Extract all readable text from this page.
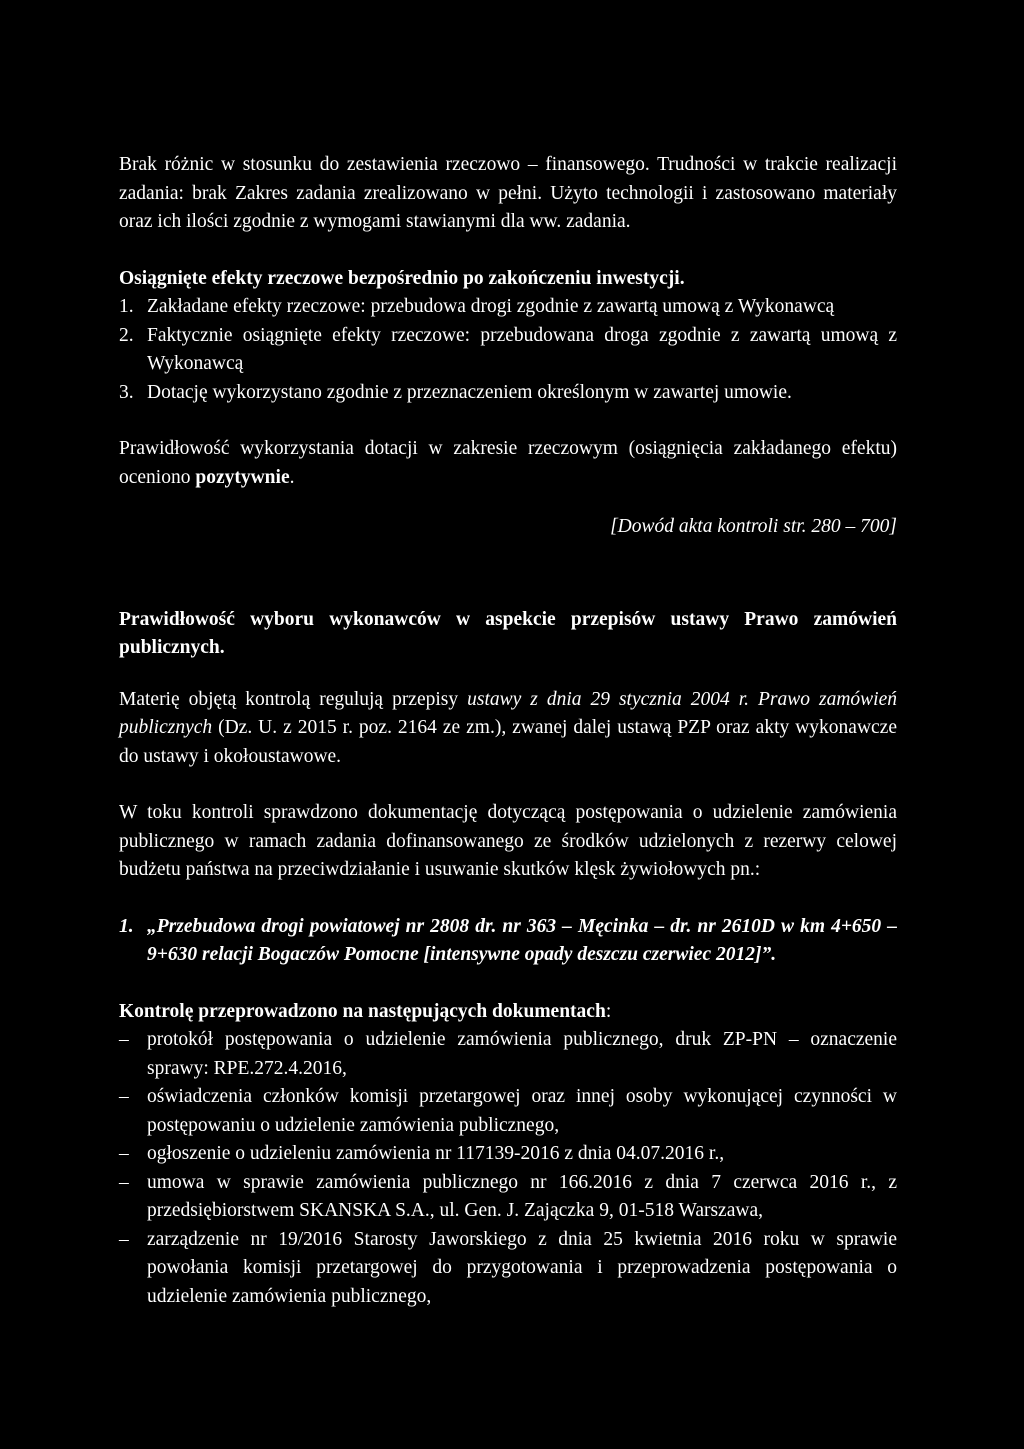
Brak różnic w stosunku do zestawienia rzeczowo – finansowego. Trudności w trakcie realizacji zadania: brak Zakres zadania zrealizowano w pełni. Użyto technologii i zastosowano materiały oraz ich ilości zgodnie z wymogami stawianymi dla ww. zadania.

Osiągnięte efekty rzeczowe bezpośrednio po zakończeniu inwestycji.

1. Zakładane efekty rzeczowe: przebudowa drogi zgodnie z zawartą umową z Wykonawcą
2. Faktycznie osiągnięte efekty rzeczowe: przebudowana droga zgodnie z zawartą umową z Wykonawcą
3. Dotację wykorzystano zgodnie z przeznaczeniem określonym w zawartej umowie.

Prawidłowość wykorzystania dotacji w zakresie rzeczowym (osiągnięcia zakładanego efektu) oceniono pozytywnie.

[Dowód akta kontroli str. 280 – 700]

Prawidłowość wyboru wykonawców w aspekcie przepisów ustawy Prawo zamówień publicznych.

Materię objętą kontrolą regulują przepisy ustawy z dnia 29 stycznia 2004 r. Prawo zamówień publicznych (Dz. U. z 2015 r. poz. 2164 ze zm.), zwanej dalej ustawą PZP oraz akty wykonawcze do ustawy i okołoustawowe.

W toku kontroli sprawdzono dokumentację dotyczącą postępowania o udzielenie zamówienia publicznego w ramach zadania dofinansowanego ze środków udzielonych z rezerwy celowej budżetu państwa na przeciwdziałanie i usuwanie skutków klęsk żywiołowych pn.:

1. „Przebudowa drogi powiatowej nr 2808 dr. nr 363 – Męcinka – dr. nr 2610D w km 4+650 – 9+630 relacji Bogaczów Pomocne [intensywne opady deszczu czerwiec 2012]”.

Kontrolę przeprowadzono na następujących dokumentach:

– protokół postępowania o udzielenie zamówienia publicznego, druk ZP-PN – oznaczenie sprawy: RPE.272.4.2016,
– oświadczenia członków komisji przetargowej oraz innej osoby wykonującej czynności w postępowaniu o udzielenie zamówienia publicznego,
– ogłoszenie o udzieleniu zamówienia nr 117139-2016 z dnia 04.07.2016 r.,
– umowa w sprawie zamówienia publicznego nr 166.2016 z dnia 7 czerwca 2016 r., z przedsiębiorstwem SKANSKA S.A., ul. Gen. J. Zajączka 9, 01-518 Warszawa,
– zarządzenie nr 19/2016 Starosty Jaworskiego z dnia 25 kwietnia 2016 roku w sprawie powołania komisji przetargowej do przygotowania i przeprowadzenia postępowania o udzielenie zamówienia publicznego,
